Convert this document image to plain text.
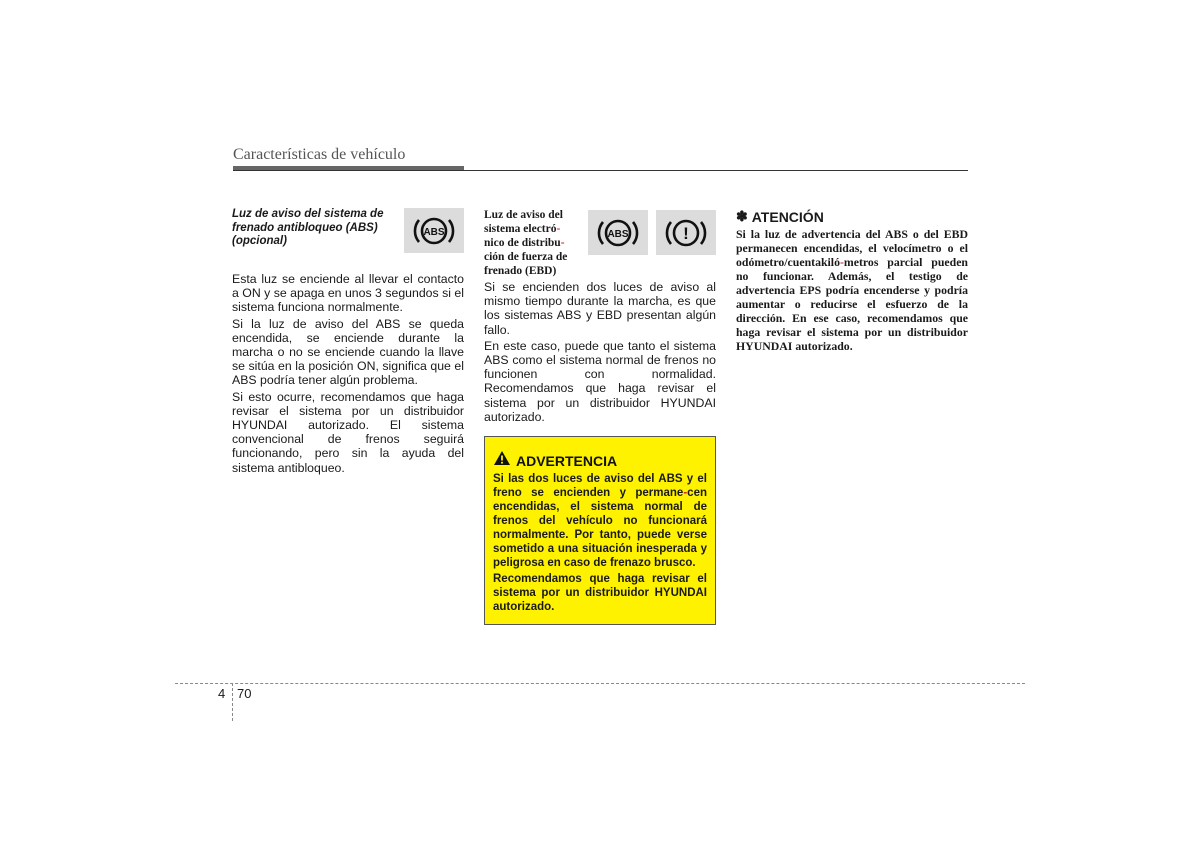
Características de vehículo

Luz de aviso del sistema de frenado antibloqueo (ABS) (opcional)

ABS

Esta luz se enciende al llevar el contacto a ON y se apaga en unos 3 segundos si el sistema funciona normalmente.

Si la luz de aviso del ABS se queda encendida, se enciende durante la marcha o no se enciende cuando la llave se sitúa en la posición ON, significa que el ABS podría tener algún problema.

Si esto ocurre, recomendamos que haga revisar el sistema por un distribuidor HYUNDAI autorizado. El sistema convencional de frenos seguirá funcionando, pero sin la ayuda del sistema antibloqueo.

Luz de aviso del
sistema electró-
nico de distribu-
ción de fuerza de
frenado (EBD)

ABS	!

Si se encienden dos luces de aviso al mismo tiempo durante la marcha, es que los sistemas ABS y EBD presentan algún fallo.

En este caso, puede que tanto el sistema ABS como el sistema normal de frenos no funcionen con normalidad. Recomendamos que haga revisar el sistema por un distribuidor HYUNDAI autorizado.

ADVERTENCIA

Si las dos luces de aviso del ABS y el freno se encienden y permane-cen encendidas, el sistema normal de frenos del vehículo no funcionará normalmente. Por tanto, puede verse sometido a una situación inesperada y peligrosa en caso de frenazo brusco.

Recomendamos que haga revisar el sistema por un distribuidor HYUNDAI autorizado.

✽ ATENCIÓN

Si la luz de advertencia del ABS o del EBD permanecen encendidas, el velocímetro o el odómetro/cuentakiló-metros parcial pueden no funcionar. Además, el testigo de advertencia EPS podría encenderse y podría aumentar o reducirse el esfuerzo de la dirección. En ese caso, recomendamos que haga revisar el sistema por un distribuidor HYUNDAI autorizado.

4 70
